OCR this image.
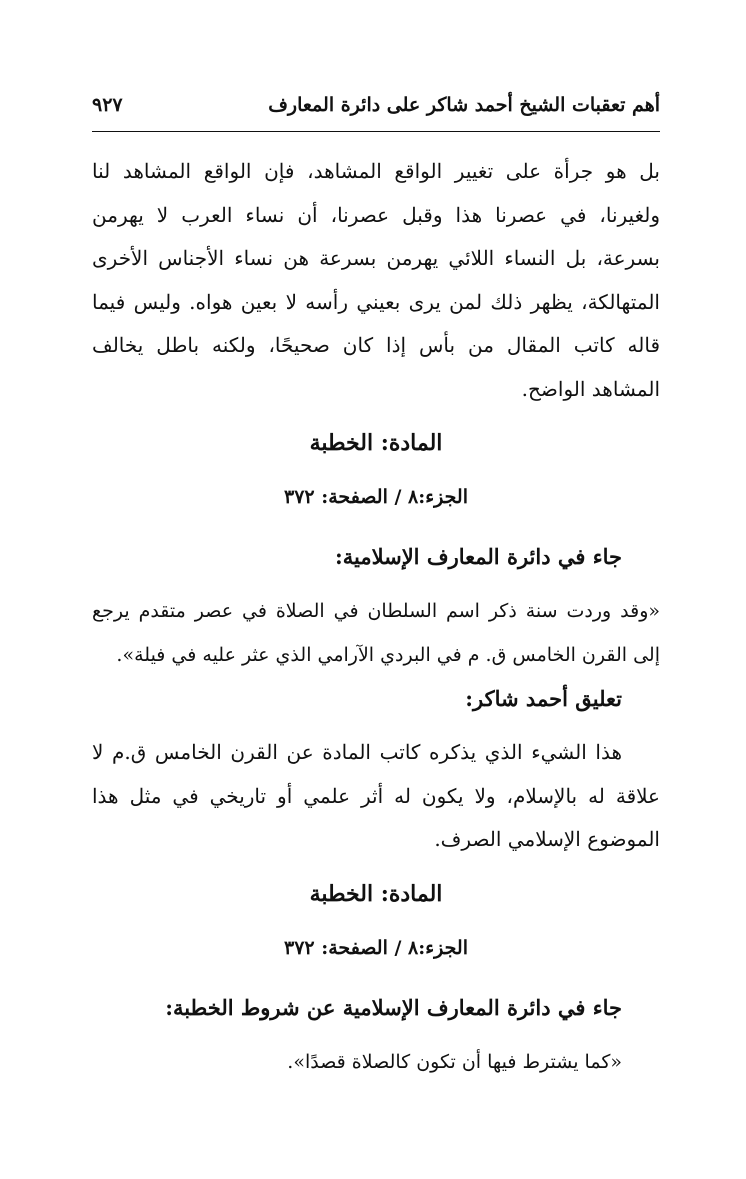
أهم تعقبات الشيخ أحمد شاكر على دائرة المعارف
٩٢٧

بل هو جرأة على تغيير الواقع المشاهد، فإن الواقع المشاهد لنا ولغيرنا، في عصرنا هذا وقبل عصرنا، أن نساء العرب لا يهرمن بسرعة، بل النساء اللائي يهرمن بسرعة هن نساء الأجناس الأخرى المتهالكة، يظهر ذلك لمن يرى بعيني رأسه لا بعين هواه. وليس فيما قاله كاتب المقال من بأس إذا كان صحيحًا، ولكنه باطل يخالف المشاهد الواضح.

المادة: الخطبة

الجزء:٨ / الصفحة: ٣٧٢

جاء في دائرة المعارف الإسلامية:

«وقد وردت سنة ذكر اسم السلطان في الصلاة في عصر متقدم يرجع إلى القرن الخامس ق. م في البردي الآرامي الذي عثر عليه في فيلة».

تعليق أحمد شاكر:

هذا الشيء الذي يذكره كاتب المادة عن القرن الخامس ق.م لا علاقة له بالإسلام، ولا يكون له أثر علمي أو تاريخي في مثل هذا الموضوع الإسلامي الصرف.

المادة: الخطبة

الجزء:٨ / الصفحة: ٣٧٢

جاء في دائرة المعارف الإسلامية عن شروط الخطبة:

«كما يشترط فيها أن تكون كالصلاة قصدًا».
